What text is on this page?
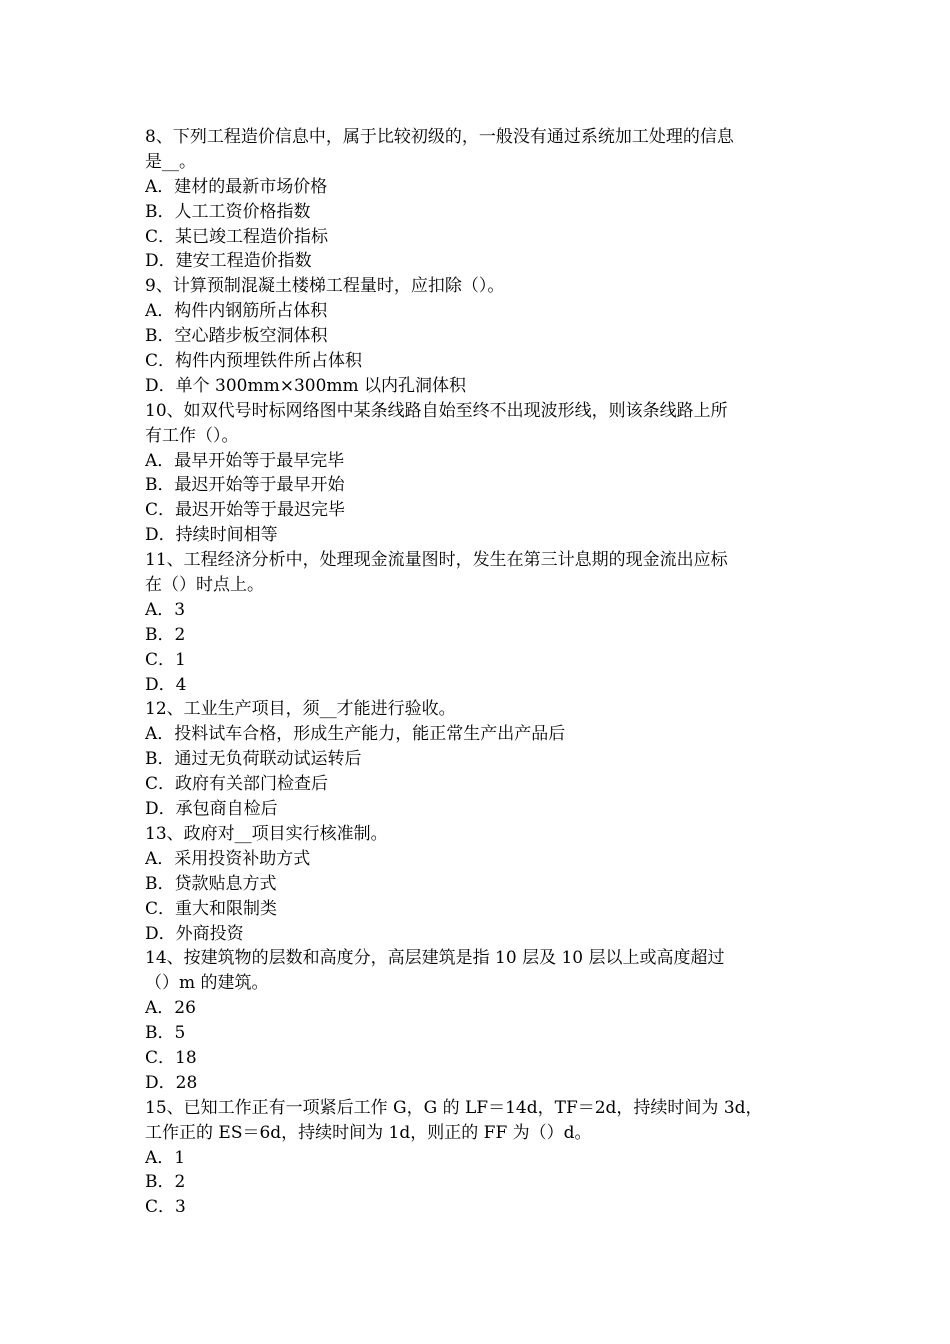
8、下列工程造价信息中，属于比较初级的，一般没有通过系统加工处理的信息
是__。
A．建材的最新市场价格
B．人工工资价格指数
C．某已竣工程造价指标
D．建安工程造价指数
9、计算预制混凝土楼梯工程量时，应扣除（）。
A．构件内钢筋所占体积
B．空心踏步板空洞体积
C．构件内预埋铁件所占体积
D．单个 300mm×300mm 以内孔洞体积
10、如双代号时标网络图中某条线路自始至终不出现波形线，则该条线路上所
有工作（）。
A．最早开始等于最早完毕
B．最迟开始等于最早开始
C．最迟开始等于最迟完毕
D．持续时间相等
11、工程经济分析中，处理现金流量图时，发生在第三计息期的现金流出应标
在（）时点上。
A．3
B．2
C．1
D．4
12、工业生产项目，须__才能进行验收。
A．投料试车合格，形成生产能力，能正常生产出产品后
B．通过无负荷联动试运转后
C．政府有关部门检查后
D．承包商自检后
13、政府对__项目实行核准制。
A．采用投资补助方式
B．贷款贴息方式
C．重大和限制类
D．外商投资
14、按建筑物的层数和高度分，高层建筑是指 10 层及 10 层以上或高度超过
（）m 的建筑。
A．26
B．5
C．18
D．28
15、已知工作正有一项紧后工作 G，G 的 LF＝14d，TF＝2d，持续时间为 3d，
工作正的 ES＝6d，持续时间为 1d，则正的 FF 为（）d。
A．1
B．2
C．3
